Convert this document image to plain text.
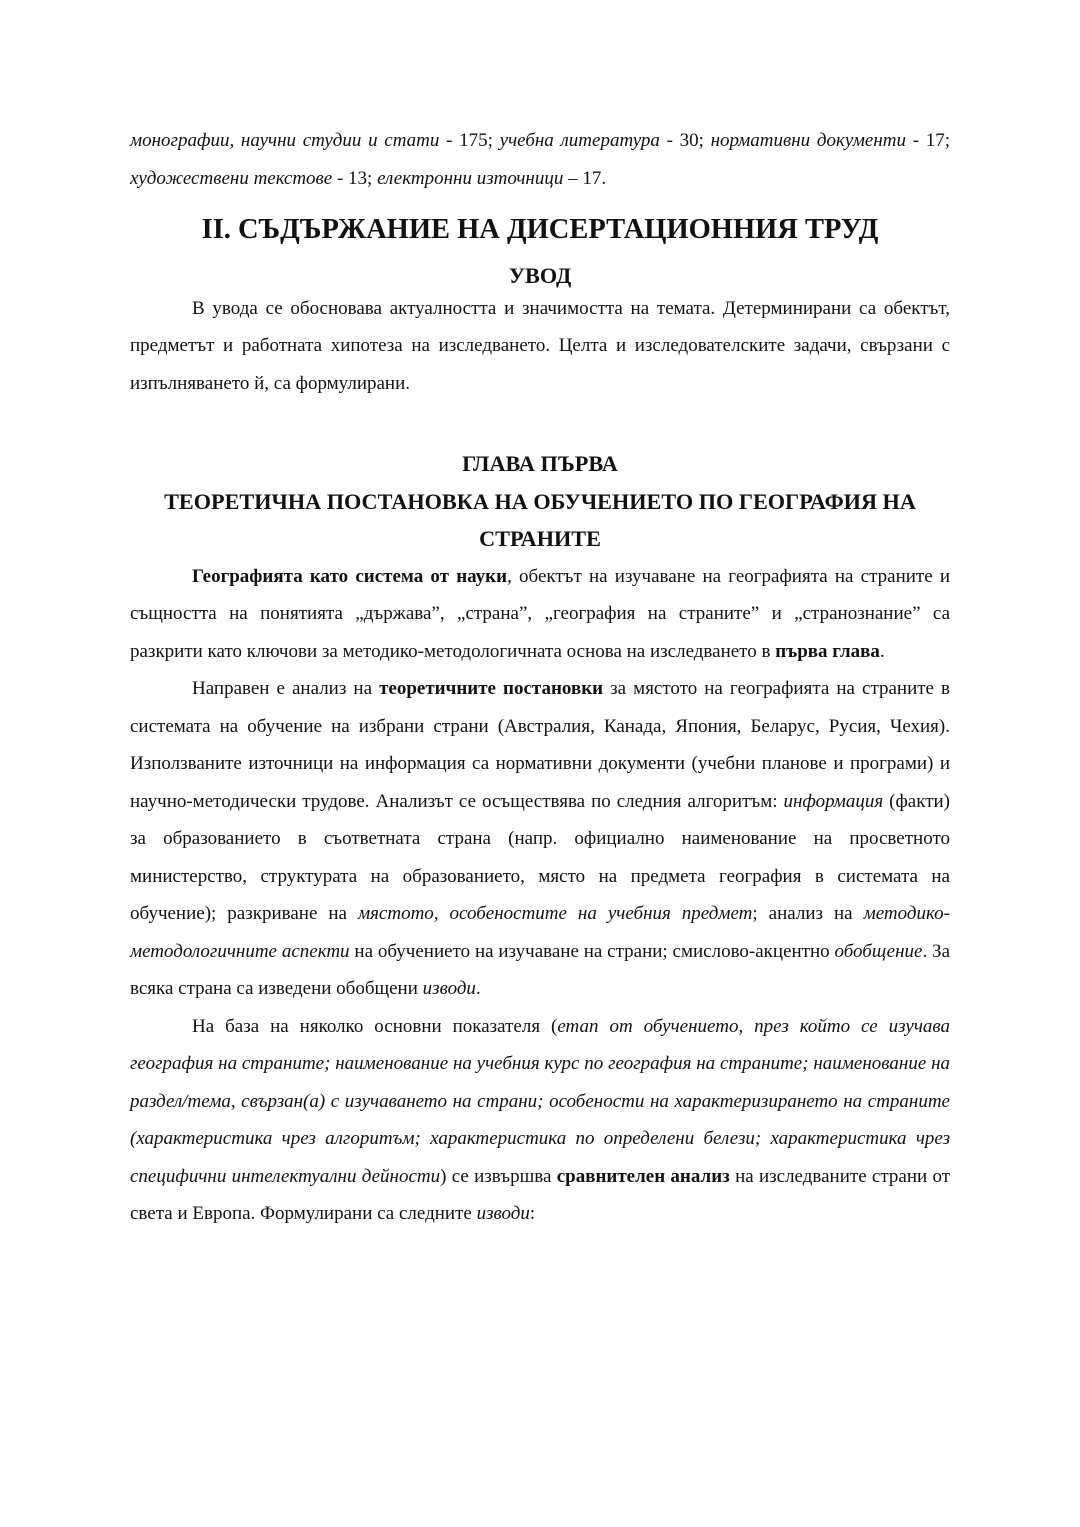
монографии, научни студии и стати - 175; учебна литература - 30; нормативни документи - 17; художествени текстове - 13; електронни източници – 17.

II. СЪДЪРЖАНИЕ НА ДИСЕРТАЦИОННИЯ ТРУД
УВОД

В увода се обосновава актуалността и значимостта на темата. Детерминирани са обектът, предметът и работната хипотеза на изследването. Целта и изследователските задачи, свързани с изпълняването й, са формулирани.

ГЛАВА ПЪРВА
ТЕОРЕТИЧНА ПОСТАНОВКА НА ОБУЧЕНИЕТО ПО ГЕОГРАФИЯ НА СТРАНИТЕ

Географията като система от науки, обектът на изучаване на географията на страните и същността на понятията „държава”, „страна”, „география на страните” и „странознание” са разкрити като ключови за методико-методологичната основа на изследването в първа глава.

Направен е анализ на теоретичните постановки за мястото на географията на страните в системата на обучение на избрани страни (Австралия, Канада, Япония, Беларус, Русия, Чехия). Използваните източници на информация са нормативни документи (учебни планове и програми) и научно-методически трудове. Анализът се осъществява по следния алгоритъм: информация (факти) за образованието в съответната страна (напр. официално наименование на просветното министерство, структурата на образованието, място на предмета география в системата на обучение); разкриване на мястото, особеностите на учебния предмет; анализ на методико-методологичните аспекти на обучението на изучаване на страни; смислово-акцентно обобщение. За всяка страна са изведени обобщени изводи.

На база на няколко основни показателя (етап от обучението, през който се изучава география на страните; наименование на учебния курс по география на страните; наименование на раздел/тема, свързан(а) с изучаването на страни; особености на характеризирането на страните (характеристика чрез алгоритъм; характеристика по определени белези; характеристика чрез специфични интелектуални дейности) се извършва сравнителен анализ на изследваните страни от света и Европа. Формулирани са следните изводи:
